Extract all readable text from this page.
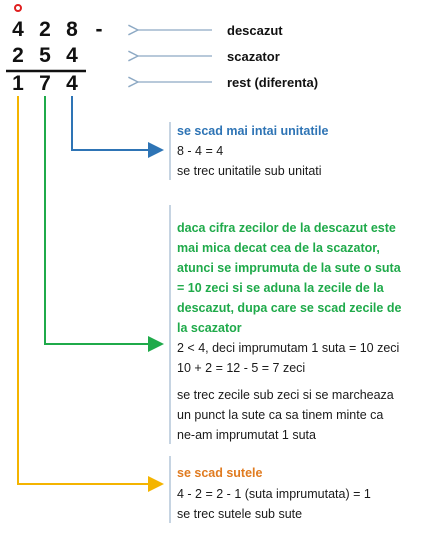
4 2 8 -
2 5 4
1 7 4
descazut
scazator
rest (diferenta)
se scad mai intai unitatile
8 - 4 = 4
se trec unitatile sub unitati
daca cifra zecilor de la descazut este
mai mica decat cea de la scazator,
atunci se imprumuta de la sute o suta
= 10 zeci si se aduna la zecile de la
descazut, dupa care se scad zecile de
la scazator
2 < 4, deci imprumutam 1 suta = 10 zeci
10 + 2 = 12 - 5 = 7 zeci
se trec zecile sub zeci si se marcheaza
un punct la sute ca sa tinem minte ca
ne-am imprumutat 1 suta
se scad sutele
4 - 2 = 2 - 1 (suta imprumutata) = 1
se trec sutele sub sute
